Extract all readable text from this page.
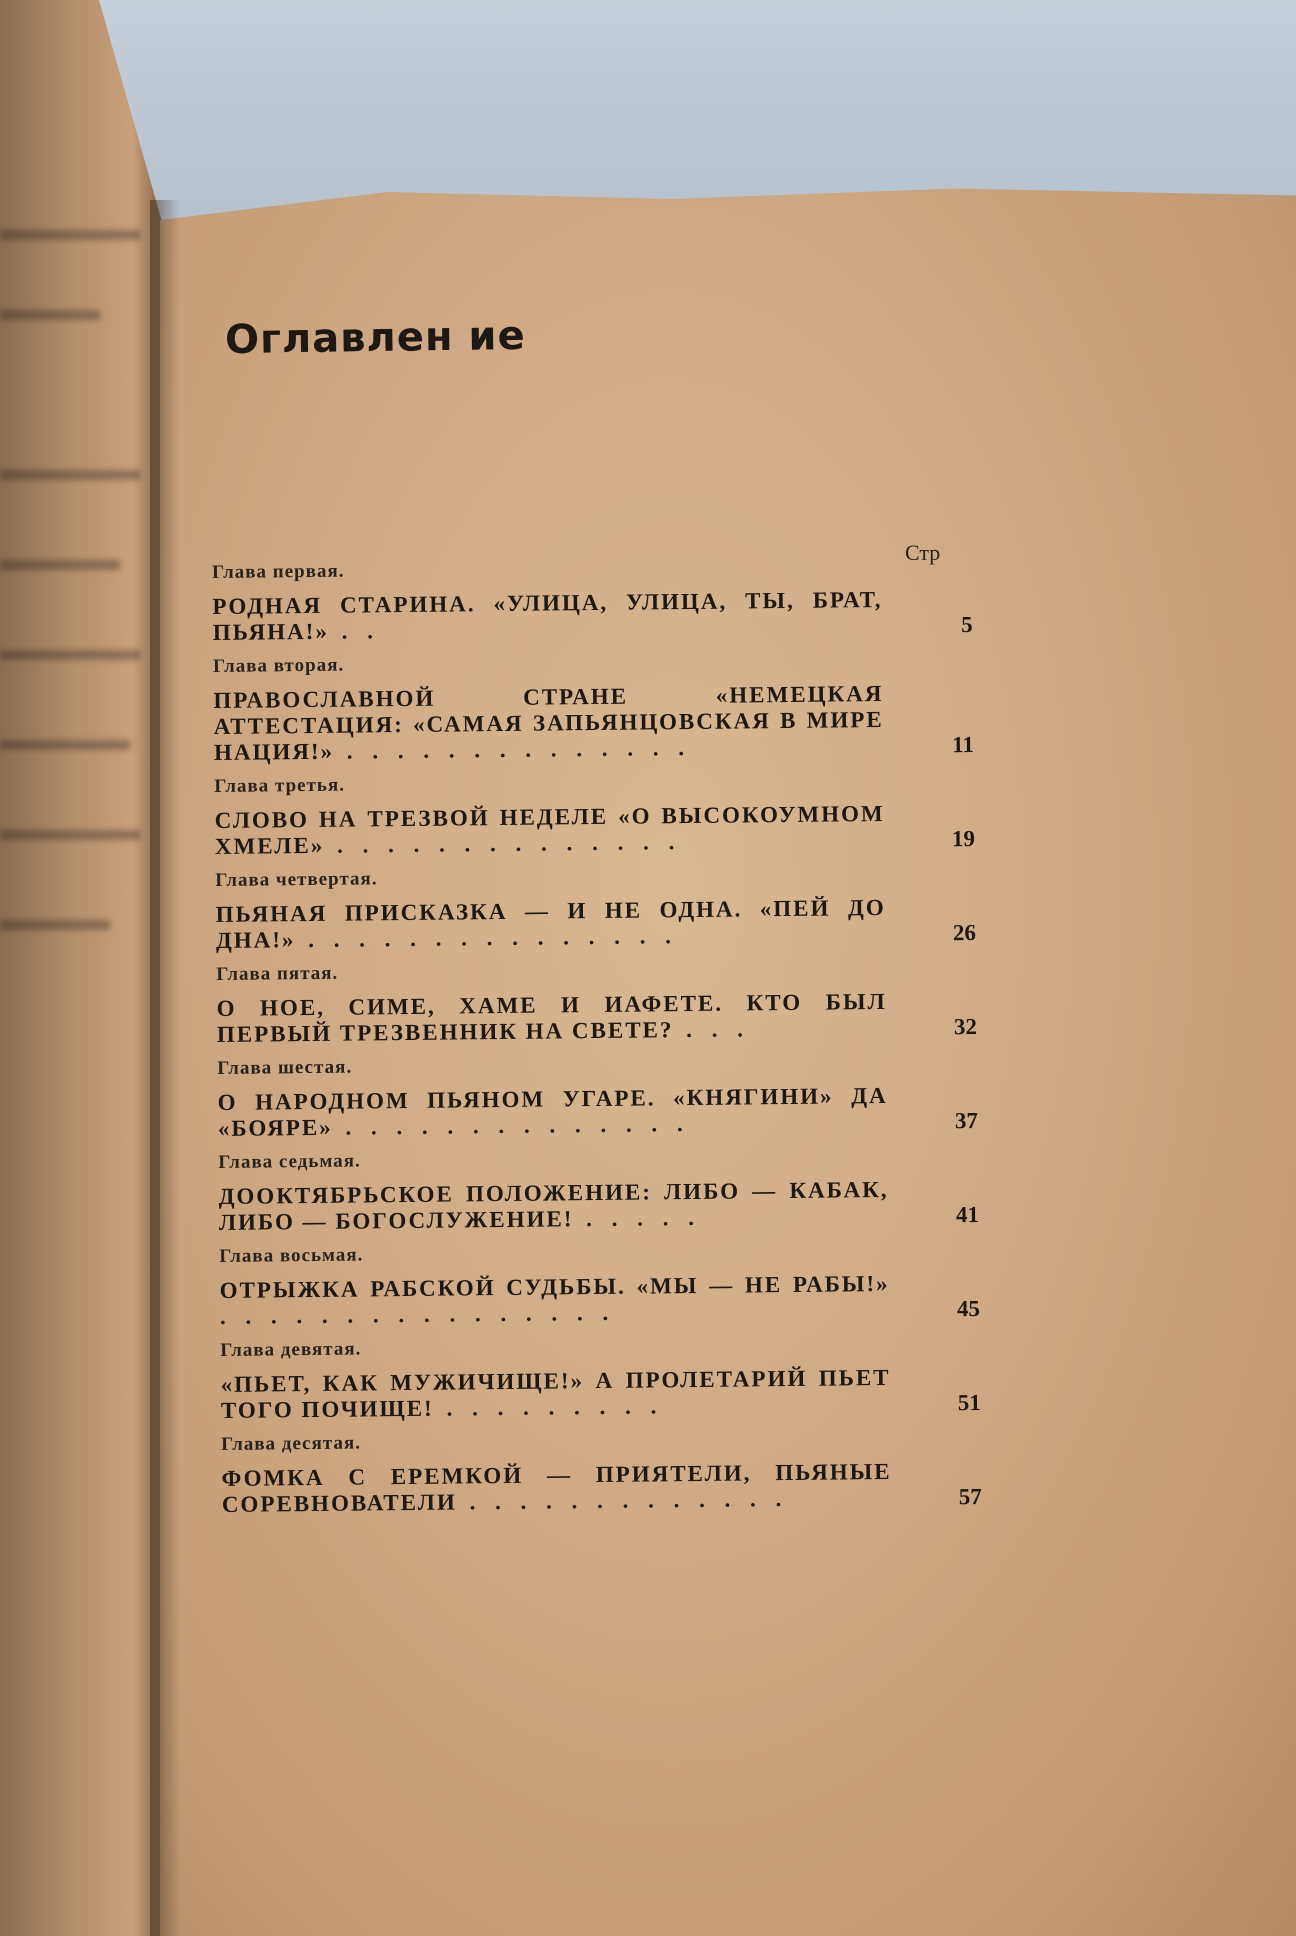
Оглавлен ие
Стр
Глава первая.
РОДНАЯ СТАРИНА. «УЛИЦА, УЛИЦА, ТЫ, БРАТ, ПЬЯНА!» . .	5
Глава вторая.
ПРАВОСЛАВНОЙ СТРАНЕ «НЕМЕЦКАЯ АТТЕСТАЦИЯ: «САМАЯ ЗАПЬЯНЦОВСКАЯ В МИРЕ НАЦИЯ!» . . . . . . . . . . . . . .	11
Глава третья.
СЛОВО НА ТРЕЗВОЙ НЕДЕЛЕ «О ВЫСОКОУМНОМ ХМЕЛЕ» . . . . . . . . . . . . . .	19
Глава четвертая.
ПЬЯНАЯ ПРИСКАЗКА — И НЕ ОДНА. «ПЕЙ ДО ДНА!» . . . . . . . . . . . . . . .	26
Глава пятая.
О НОЕ, СИМЕ, ХАМЕ И ИАФЕТЕ. КТО БЫЛ ПЕРВЫЙ ТРЕЗВЕННИК НА СВЕТЕ? . . .	32
Глава шестая.
О НАРОДНОМ ПЬЯНОМ УГАРЕ. «КНЯГИНИ» ДА «БОЯРЕ» . . . . . . . . . . . . . .	37
Глава седьмая.
ДООКТЯБРЬСКОЕ ПОЛОЖЕНИЕ: ЛИБО — КАБАК, ЛИБО — БОГОСЛУЖЕНИЕ! . . . . .	41
Глава восьмая.
ОТРЫЖКА РАБСКОЙ СУДЬБЫ. «МЫ — НЕ РАБЫ!» . . . . . . . . . . . . . . . .	45
Глава девятая.
«ПЬЕТ, КАК МУЖИЧИЩЕ!» А ПРОЛЕТАРИЙ ПЬЕТ ТОГО ПОЧИЩЕ! . . . . . . . . .	51
Глава десятая.
ФОМКА С ЕРЕМКОЙ — ПРИЯТЕЛИ, ПЬЯНЫЕ СОРЕВНОВАТЕЛИ . . . . . . . . . . . . .	57
